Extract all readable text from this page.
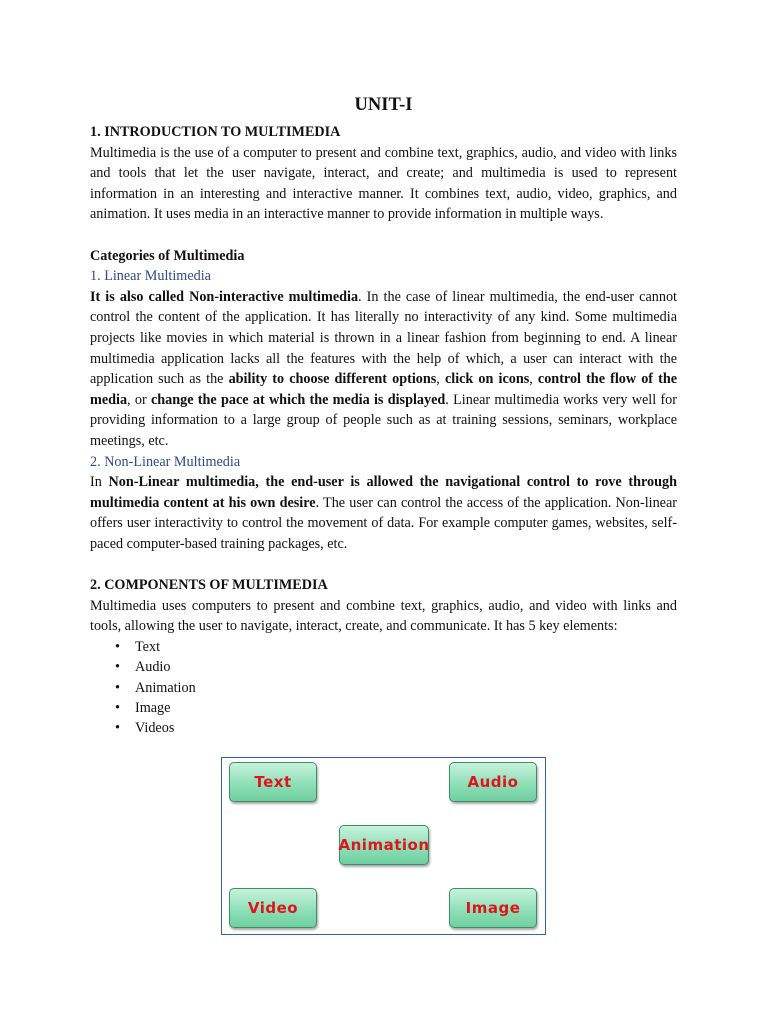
UNIT-I
1. INTRODUCTION TO MULTIMEDIA

Multimedia is the use of a computer to present and combine text, graphics, audio, and video with links and tools that let the user navigate, interact, and create; and multimedia is used to represent information in an interesting and interactive manner. It combines text, audio, video, graphics, and animation. It uses media in an interactive manner to provide information in multiple ways.

Categories of Multimedia
1. Linear Multimedia

It is also called Non-interactive multimedia. In the case of linear multimedia, the end-user cannot control the content of the application. It has literally no interactivity of any kind. Some multimedia projects like movies in which material is thrown in a linear fashion from beginning to end. A linear multimedia application lacks all the features with the help of which, a user can interact with the application such as the ability to choose different options, click on icons, control the flow of the media, or change the pace at which the media is displayed. Linear multimedia works very well for providing information to a large group of people such as at training sessions, seminars, workplace meetings, etc.

2. Non-Linear Multimedia

In Non-Linear multimedia, the end-user is allowed the navigational control to rove through multimedia content at his own desire. The user can control the access of the application. Non-linear offers user interactivity to control the movement of data. For example computer games, websites, self-paced computer-based training packages, etc.

2. COMPONENTS OF MULTIMEDIA

Multimedia uses computers to present and combine text, graphics, audio, and video with links and tools, allowing the user to navigate, interact, create, and communicate. It has 5 key elements:

• Text
• Audio
• Animation
• Image
• Videos
Text	Audio
Animation
Video	Image
